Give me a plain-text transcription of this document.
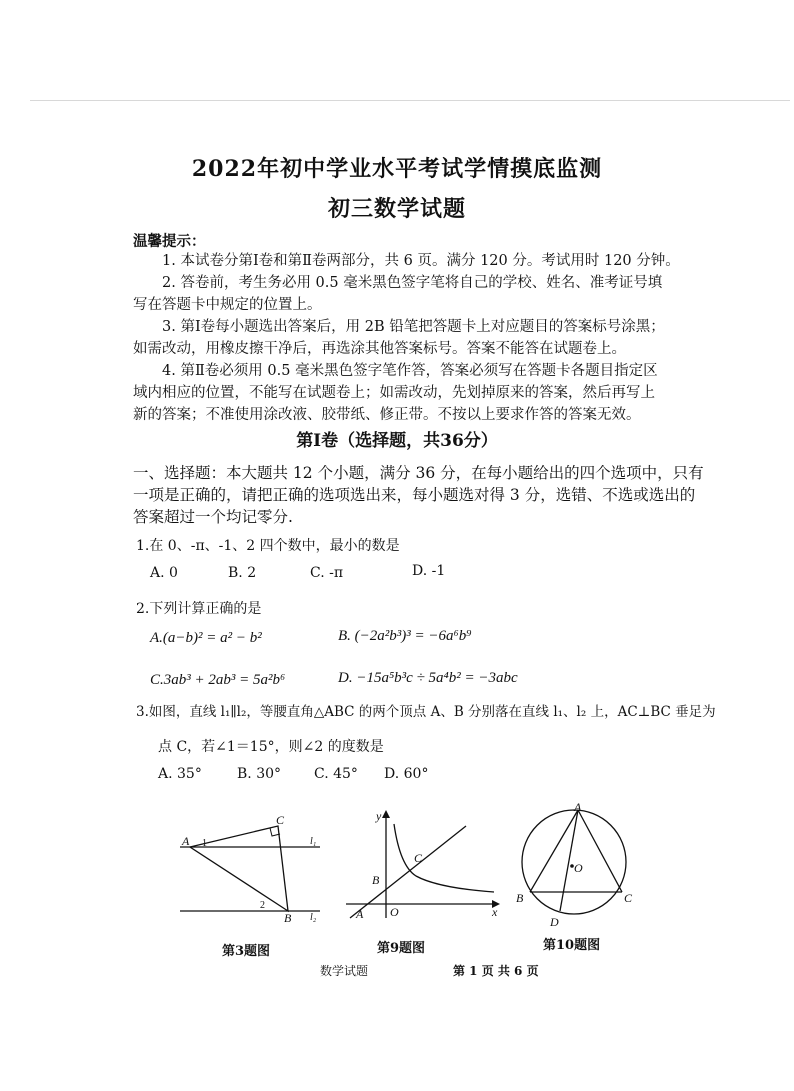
2022年初中学业水平考试学情摸底监测
初三数学试题
温馨提示：
1. 本试卷分第Ⅰ卷和第Ⅱ卷两部分，共 6 页。满分 120 分。考试用时 120 分钟。
2. 答卷前，考生务必用 0.5 毫米黑色签字笔将自己的学校、姓名、准考证号填
写在答题卡中规定的位置上。
3. 第Ⅰ卷每小题选出答案后，用 2B 铅笔把答题卡上对应题目的答案标号涂黑；
如需改动，用橡皮擦干净后，再选涂其他答案标号。答案不能答在试题卷上。
4. 第Ⅱ卷必须用 0.5 毫米黑色签字笔作答，答案必须写在答题卡各题目指定区
域内相应的位置，不能写在试题卷上；如需改动，先划掉原来的答案，然后再写上
新的答案；不准使用涂改液、胶带纸、修正带。不按以上要求作答的答案无效。
第Ⅰ卷（选择题，共36分）
一、选择题：本大题共 12 个小题，满分 36 分，在每小题给出的四个选项中，只有
一项是正确的，请把正确的选项选出来，每小题选对得 3 分，选错、不选或选出的
答案超过一个均记零分.
1.在 0、-π、-1、2 四个数中，最小的数是
A. 0	B. 2	C. -π	D. -1
2.下列计算正确的是
A.(a−b)² = a² − b²	B. (−2a²b³)³ = −6a⁶b⁹
C.3ab³ + 2ab³ = 5a²b⁶	D. −15a⁵b³c ÷ 5a⁴b² = −3abc
3.如图，直线 l₁∥l₂，等腰直角△ABC 的两个顶点 A、B 分别落在直线 l₁、l₂ 上，AC⊥BC 垂足为
点 C，若∠1＝15°，则∠2 的度数是
A. 35°	B. 30° C. 45° D. 60°
A
C
B
1
2
l₁
l₂
y
x
O
A
B
C
A
B	C
D
O
第3题图	第9题图	第10题图
数学试题	第 1 页 共 6 页
